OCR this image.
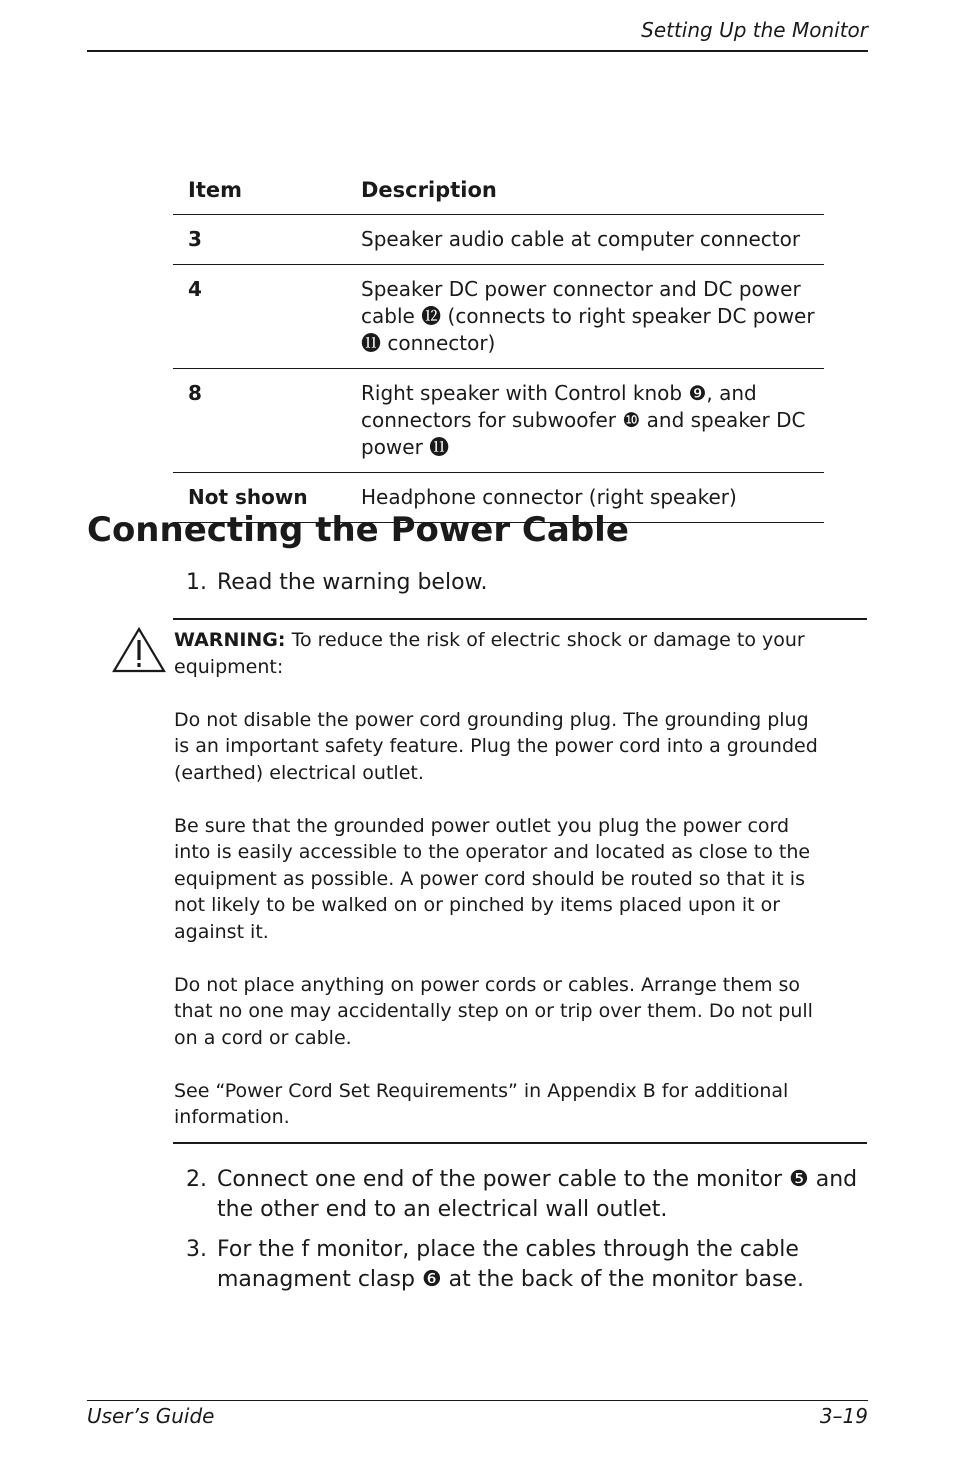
Setting Up the Monitor
Item	Description
3	Speaker audio cable at computer connector
4	Speaker DC power connector and DC power cable ⓬ (connects to right speaker DC power ⓫ connector)
8	Right speaker with Control knob ❾, and connectors for subwoofer ❿ and speaker DC power ⓫
Not shown	Headphone connector (right speaker)
Connecting the Power Cable
1. Read the warning below.

WARNING: To reduce the risk of electric shock or damage to your equipment:

Do not disable the power cord grounding plug. The grounding plug is an important safety feature. Plug the power cord into a grounded (earthed) electrical outlet.

Be sure that the grounded power outlet you plug the power cord into is easily accessible to the operator and located as close to the equipment as possible. A power cord should be routed so that it is not likely to be walked on or pinched by items placed upon it or against it.

Do not place anything on power cords or cables. Arrange them so that no one may accidentally step on or trip over them. Do not pull on a cord or cable.

See “Power Cord Set Requirements” in Appendix B for additional information.

2. Connect one end of the power cable to the monitor ❺ and the other end to an electrical wall outlet.
3. For the f monitor, place the cables through the cable managment clasp ❻ at the back of the monitor base.
User’s Guide	3–19
